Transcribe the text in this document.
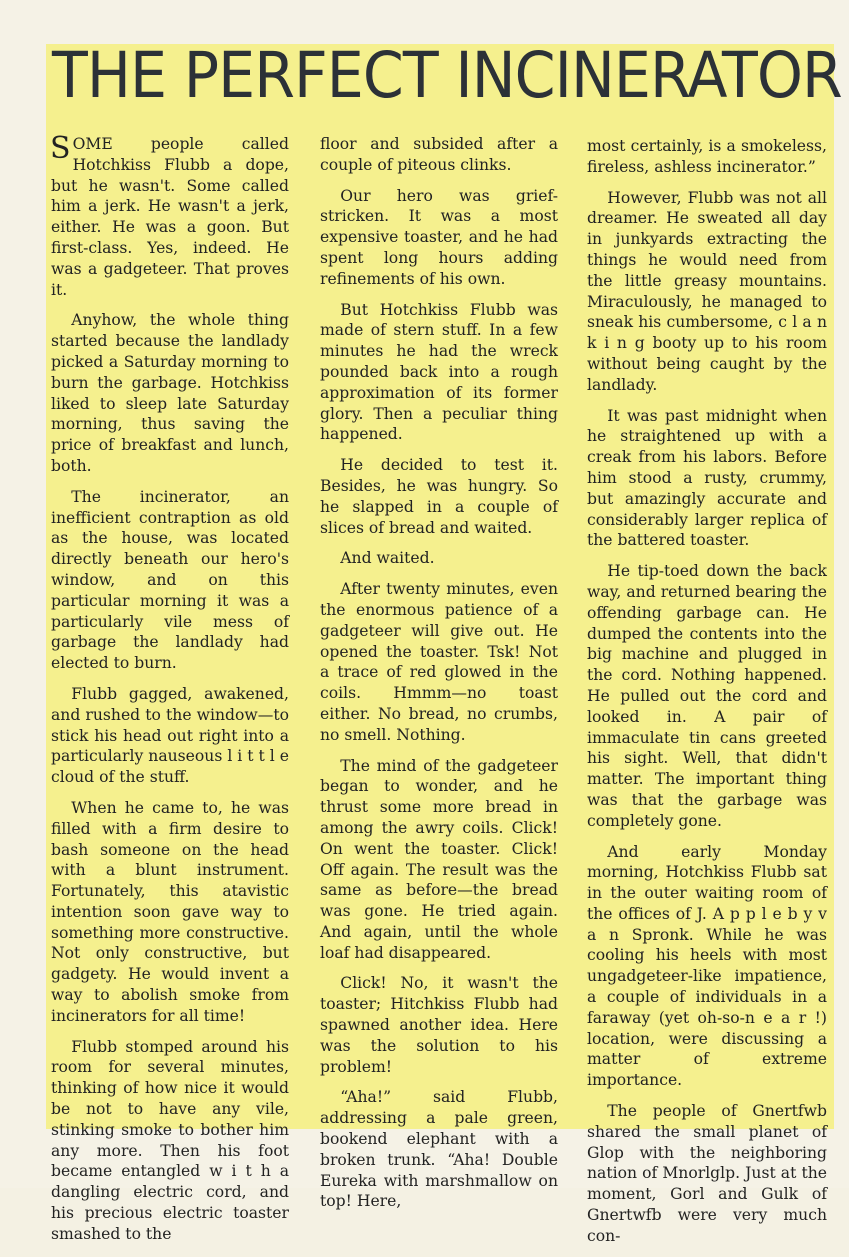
THE PERFECT INCINERATOR

SOME people called Hotchkiss Flubb a dope, but he wasn't. Some called him a jerk. He wasn't a jerk, either. He was a goon. But first-class. Yes, indeed. He was a gadgeteer. That proves it.

Anyhow, the whole thing started because the landlady picked a Saturday morning to burn the garbage. Hotchkiss liked to sleep late Saturday morning, thus saving the price of breakfast and lunch, both.

The incinerator, an inefficient contraption as old as the house, was located directly beneath our hero's window, and on this particular morning it was a particularly vile mess of garbage the landlady had elected to burn.

Flubb gagged, awakened, and rushed to the window—to stick his head out right into a particularly nauseous l i t t l e cloud of the stuff.

When he came to, he was filled with a firm desire to bash someone on the head with a blunt instrument. Fortunately, this atavistic intention soon gave way to something more constructive. Not only constructive, but gadgety. He would invent a way to abolish smoke from incinerators for all time!

Flubb stomped around his room for several minutes, thinking of how nice it would be not to have any vile, stinking smoke to bother him any more. Then his foot became entangled w i t h a dangling electric cord, and his precious electric toaster smashed to the

floor and subsided after a couple of piteous clinks.

Our hero was grief-stricken. It was a most expensive toaster, and he had spent long hours adding refinements of his own.

But Hotchkiss Flubb was made of stern stuff. In a few minutes he had the wreck pounded back into a rough approximation of its former glory. Then a peculiar thing happened.

He decided to test it. Besides, he was hungry. So he slapped in a couple of slices of bread and waited.

And waited.

After twenty minutes, even the enormous patience of a gadgeteer will give out. He opened the toaster. Tsk! Not a trace of red glowed in the coils. Hmmm—no toast either. No bread, no crumbs, no smell. Nothing.

The mind of the gadgeteer began to wonder, and he thrust some more bread in among the awry coils. Click! On went the toaster. Click! Off again. The result was the same as before—the bread was gone. He tried again. And again, until the whole loaf had disappeared.

Click! No, it wasn't the toaster; Hitchkiss Flubb had spawned another idea. Here was the solution to his problem!

“Aha!” said Flubb, addressing a pale green, bookend elephant with a broken trunk. “Aha! Double Eureka with marshmallow on top! Here,

most certainly, is a smokeless, fireless, ashless incinerator.”

However, Flubb was not all dreamer. He sweated all day in junkyards extracting the things he would need from the little greasy mountains. Miraculously, he managed to sneak his cumbersome, c l a n k i n g booty up to his room without being caught by the landlady.

It was past midnight when he straightened up with a creak from his labors. Before him stood a rusty, crummy, but amazingly accurate and considerably larger replica of the battered toaster.

He tip-toed down the back way, and returned bearing the offending garbage can. He dumped the contents into the big machine and plugged in the cord. Nothing happened. He pulled out the cord and looked in. A pair of immaculate tin cans greeted his sight. Well, that didn't matter. The important thing was that the garbage was completely gone.

And early Monday morning, Hotchkiss Flubb sat in the outer waiting room of the offices of J. A p p l e b y v a n Spronk. While he was cooling his heels with most ungadgeteer-like impatience, a couple of individuals in a faraway (yet oh-so-n e a r !) location, were discussing a matter of extreme importance.

The people of Gnertfwb shared the small planet of Glop with the neighboring nation of Mnorlglp. Just at the moment, Gorl and Gulk of Gnertwfb were very much con-
